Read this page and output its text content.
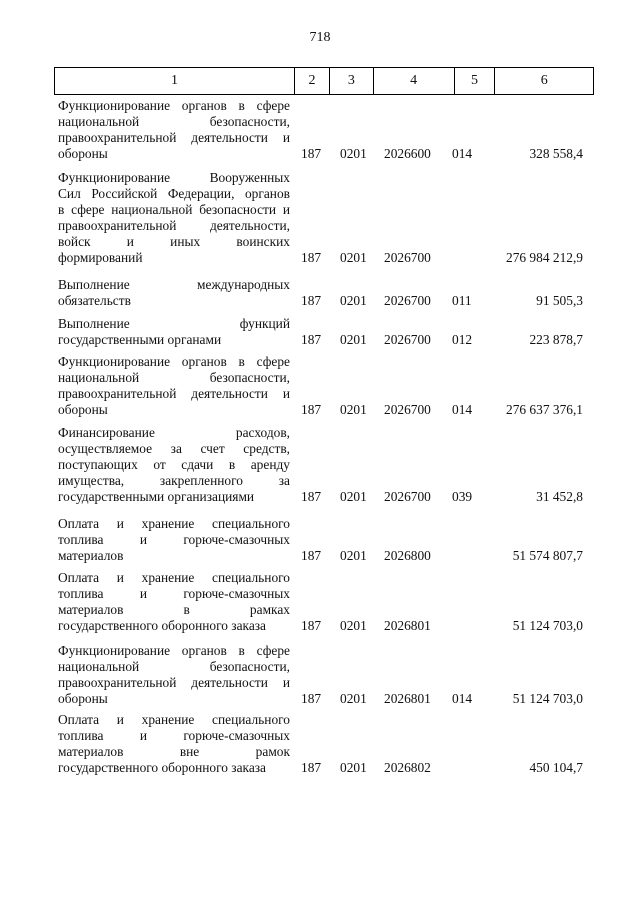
718
1	2	3	4	5	6
Функционирование органов в сфере
национальной безопасности,
правоохранительной деятельности и
обороны	187 0201 2026600 014	328 558,4
Функционирование Вооруженных
Сил Российской Федерации, органов
в сфере национальной безопасности и
правоохранительной деятельности,
войск и иных воинских
формирований	187 0201 2026700	276 984 212,9
Выполнение международных
обязательств	187 0201 2026700 011	91 505,3
Выполнение функций
государственными органами	187 0201 2026700 012	223 878,7
Функционирование органов в сфере
национальной безопасности,
правоохранительной деятельности и
обороны	187 0201 2026700 014	276 637 376,1
Финансирование расходов,
осуществляемое за счет средств,
поступающих от сдачи в аренду
имущества, закрепленного за
государственными организациями	187 0201 2026700 039	31 452,8
Оплата и хранение специального
топлива и горюче-смазочных
материалов	187 0201 2026800	51 574 807,7
Оплата и хранение специального
топлива и горюче-смазочных
материалов в рамках
государственного оборонного заказа	187 0201 2026801	51 124 703,0
Функционирование органов в сфере
национальной безопасности,
правоохранительной деятельности и
обороны	187 0201 2026801 014	51 124 703,0
Оплата и хранение специального
топлива и горюче-смазочных
материалов вне рамок
государственного оборонного заказа	187 0201 2026802	450 104,7
